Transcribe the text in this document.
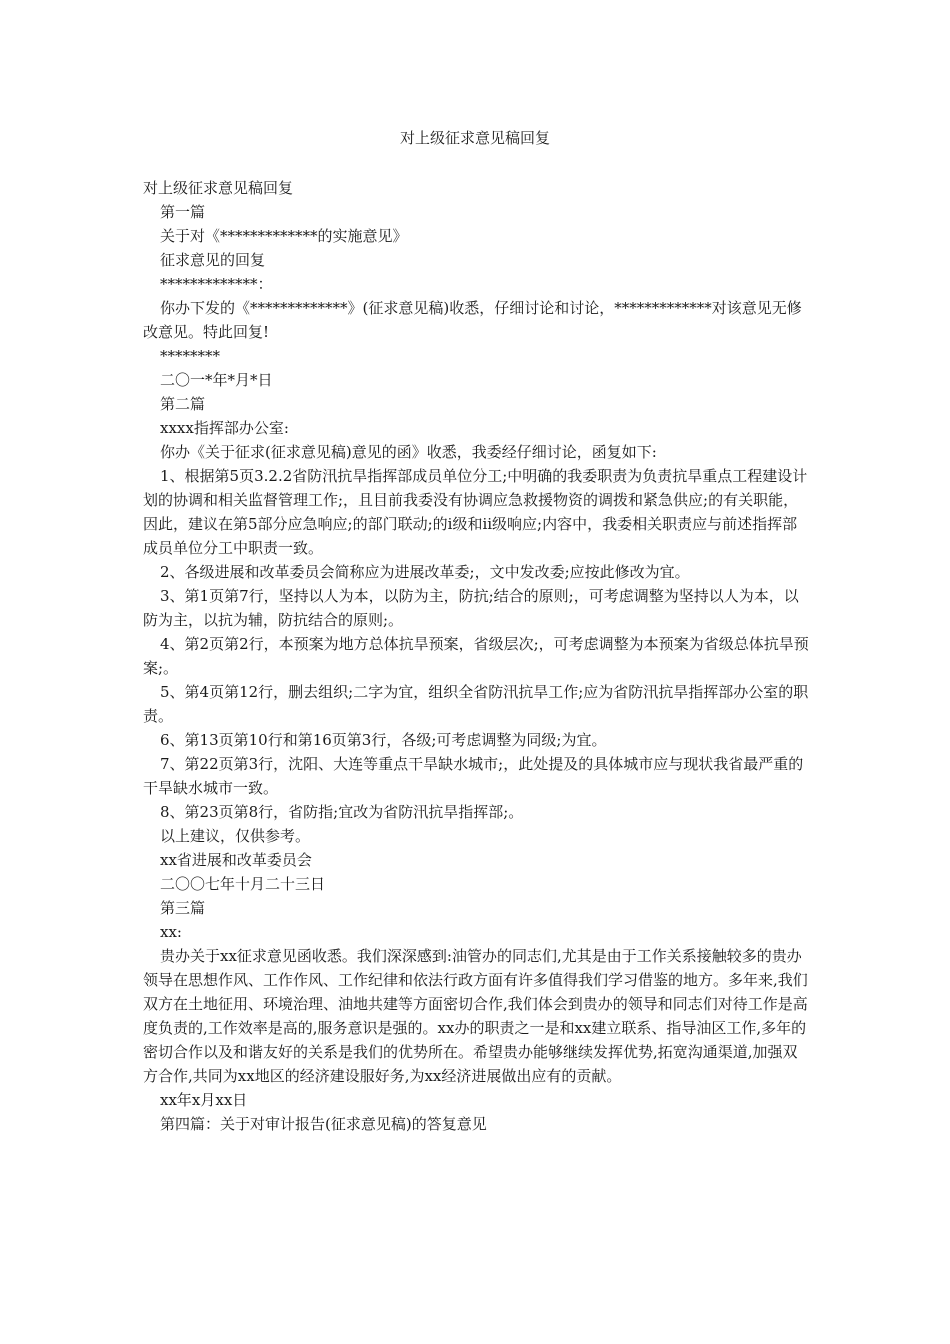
对上级征求意见稿回复
对上级征求意见稿回复
第一篇
关于对《*************的实施意见》
征求意见的回复
*************：
你办下发的《*************》(征求意见稿)收悉，仔细讨论和讨论，*************对该意见无修改意见。特此回复!
********
二〇一*年*月*日
第二篇
xxxx指挥部办公室:
你办《关于征求(征求意见稿)意见的函》收悉，我委经仔细讨论，函复如下:
1、根据第5页3.2.2省防汛抗旱指挥部成员单位分工;中明确的我委职责为负责抗旱重点工程建设计划的协调和相关监督管理工作;，且目前我委没有协调应急救援物资的调拨和紧急供应;的有关职能，因此，建议在第5部分应急响应;的部门联动;的ⅰ级和ⅱ级响应;内容中，我委相关职责应与前述指挥部成员单位分工中职责一致。
2、各级进展和改革委员会简称应为进展改革委;，文中发改委;应按此修改为宜。
3、第1页第7行，坚持以人为本，以防为主，防抗;结合的原则;，可考虑调整为坚持以人为本，以防为主，以抗为辅，防抗结合的原则;。
4、第2页第2行，本预案为地方总体抗旱预案，省级层次;，可考虑调整为本预案为省级总体抗旱预案;。
5、第4页第12行，删去组织;二字为宜，组织全省防汛抗旱工作;应为省防汛抗旱指挥部办公室的职责。
6、第13页第10行和第16页第3行，各级;可考虑调整为同级;为宜。
7、第22页第3行，沈阳、大连等重点干旱缺水城市;，此处提及的具体城市应与现状我省最严重的干旱缺水城市一致。
8、第23页第8行，省防指;宜改为省防汛抗旱指挥部;。
以上建议，仅供参考。
xx省进展和改革委员会
二〇〇七年十月二十三日
第三篇
xx:
贵办关于xx征求意见函收悉。我们深深感到:油管办的同志们,尤其是由于工作关系接触较多的贵办领导在思想作风、工作作风、工作纪律和依法行政方面有许多值得我们学习借鉴的地方。多年来,我们双方在土地征用、环境治理、油地共建等方面密切合作,我们体会到贵办的领导和同志们对待工作是高度负责的,工作效率是高的,服务意识是强的。xx办的职责之一是和xx建立联系、指导油区工作,多年的密切合作以及和谐友好的关系是我们的优势所在。希望贵办能够继续发挥优势,拓宽沟通渠道,加强双方合作,共同为xx地区的经济建设服好务,为xx经济进展做出应有的贡献。
xx年x月xx日
第四篇：关于对审计报告(征求意见稿)的答复意见
